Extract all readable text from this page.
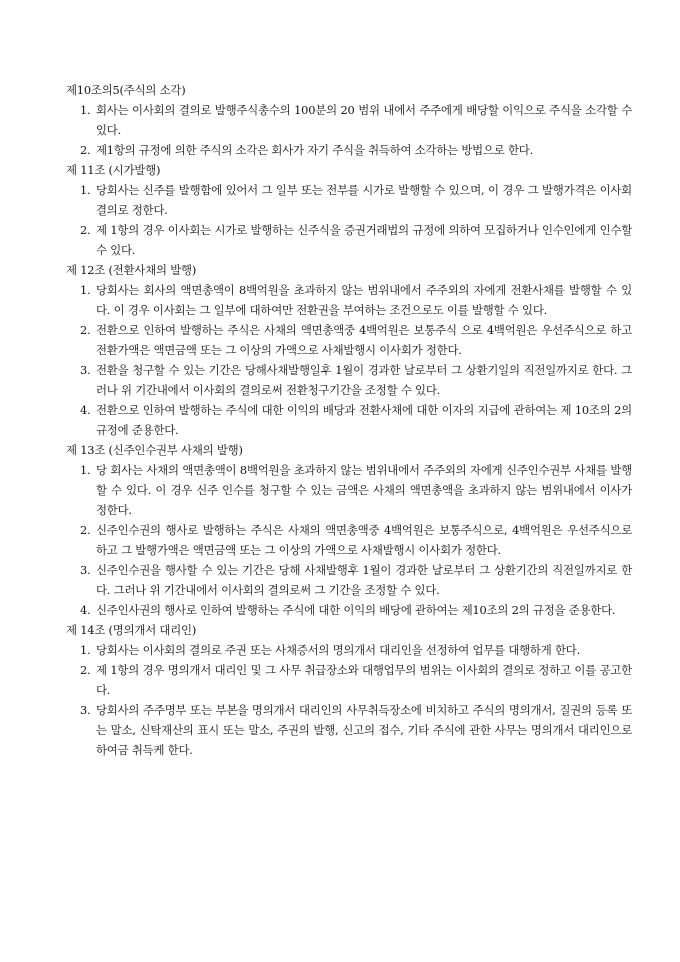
제10조의5(주식의 소각)

1. 회사는 이사회의 결의로 발행주식총수의 100분의 20 범위 내에서 주주에게 배당할 이익으로 주식을 소각할 수 있다.
2. 제1항의 규정에 의한 주식의 소각은 회사가 자기 주식을 취득하여 소각하는 방법으로 한다.

제 11조 (시가발행)

1. 당회사는 신주를 발행함에 있어서 그 일부 또는 전부를 시가로 발행할 수 있으며, 이 경우 그 발행가격은 이사회결의로 정한다.
2. 제 1항의 경우 이사회는 시가로 발행하는 신주식을 증권거래법의 규정에 의하여 모집하거나 인수인에게 인수할 수 있다.

제 12조 (전환사채의 발행)

1. 당회사는 회사의 액면총액이 8백억원을 초과하지 않는 범위내에서 주주외의 자에게 전환사채를 발행할 수 있다. 이 경우 이사회는 그 일부에 대하여만 전환권을 부여하는 조건으로도 이를 발행할 수 있다.
2. 전환으로 인하여 발행하는 주식은 사채의 액면총액중 4백억원은 보통주식 으로 4백억원은 우선주식으로 하고 전환가액은 액면금액 또는 그 이상의 가액으로 사채발행시 이사회가 정한다.
3. 전환을 청구할 수 있는 기간은 당해사채발행일후 1월이 경과한 날로부터 그 상환기일의 직전일까지로 한다. 그러나 위 기간내에서 이사회의 결의로써 전환청구기간을 조정할 수 있다.
4. 전환으로 인하여 발행하는 주식에 대한 이익의 배당과 전환사채에 대한 이자의 지급에 관하여는 제 10조의 2의 규정에 준용한다.

제 13조 (신주인수권부 사채의 발행)

1. 당 회사는 사채의 액면총액이 8백억원을 초과하지 않는 범위내에서 주주외의 자에게 신주인수권부 사채를 발행할 수 있다. 이 경우 신주 인수를 청구할 수 있는 금액은 사채의 액면총액을 초과하지 않는 범위내에서 이사가 정한다.
2. 신주인수권의 행사로 발행하는 주식은 사채의 액면총액중 4백억원은 보통주식으로, 4백억원은 우선주식으로 하고 그 발행가액은 액면금액 또는 그 이상의 가액으로 사채발행시 이사회가 정한다.
3. 신주인수권을 행사할 수 있는 기간은 당해 사채발행후 1월이 경과한 날로부터 그 상환기간의 직전일까지로 한다. 그러나 위 기간내에서 이사회의 결의로써 그 기간을 조정할 수 있다.
4. 신주인사권의 행사로 인하여 발행하는 주식에 대한 이익의 배당에 관하여는 제10조의 2의 규정을 준용한다.

제 14조 (명의개서 대리인)

1. 당회사는 이사회의 결의로 주권 또는 사채증서의 명의개서 대리인을 선정하여 업무를 대행하게 한다.
2. 제 1항의 경우 명의개서 대리인 및 그 사무 취급장소와 대행업무의 범위는 이사회의 결의로 정하고 이를 공고한다.
3. 당회사의 주주명부 또는 부본을 명의개서 대리인의 사무취득장소에 비치하고 주식의 명의개서, 질권의 등록 또는 말소, 신탁재산의 표시 또는 말소, 주권의 발행, 신고의 접수, 기타 주식에 관한 사무는 명의개서 대리인으로 하여금 취득케 한다.
